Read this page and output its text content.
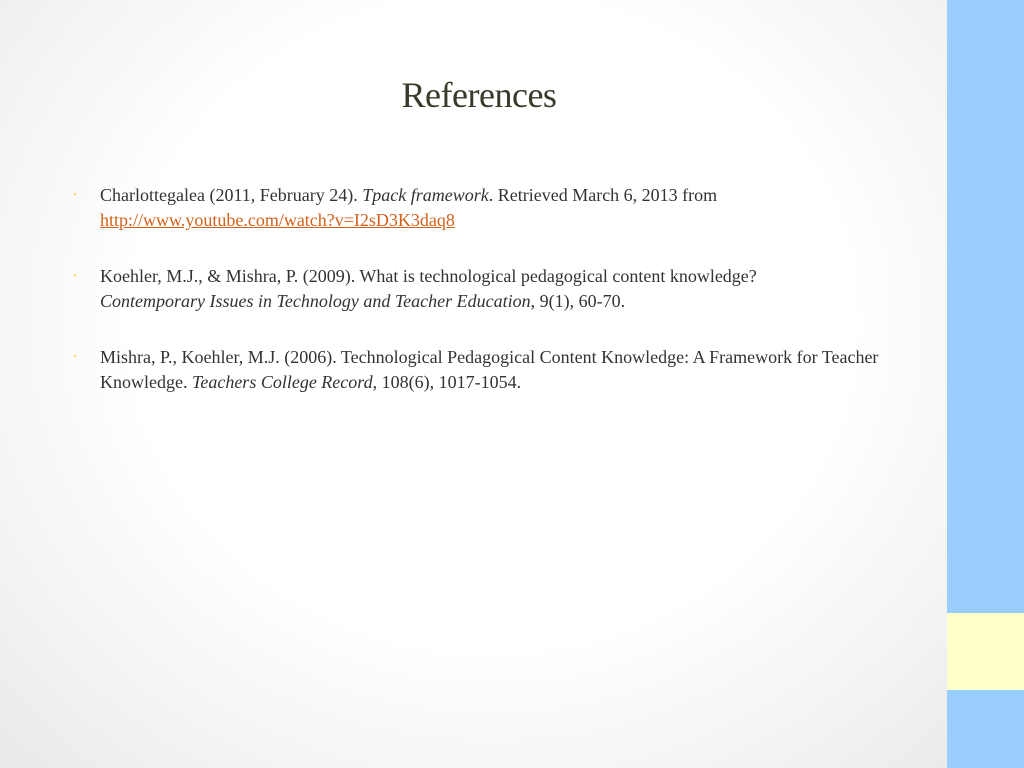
References
• Charlottegalea (2011, February 24). Tpack framework. Retrieved March 6, 2013 from
http://www.youtube.com/watch?v=I2sD3K3daq8
• Koehler, M.J., & Mishra, P. (2009). What is technological pedagogical content knowledge?
Contemporary Issues in Technology and Teacher Education, 9(1), 60-70.
• Mishra, P., Koehler, M.J. (2006). Technological Pedagogical Content Knowledge: A Framework for Teacher Knowledge. Teachers College Record, 108(6), 1017-1054.
